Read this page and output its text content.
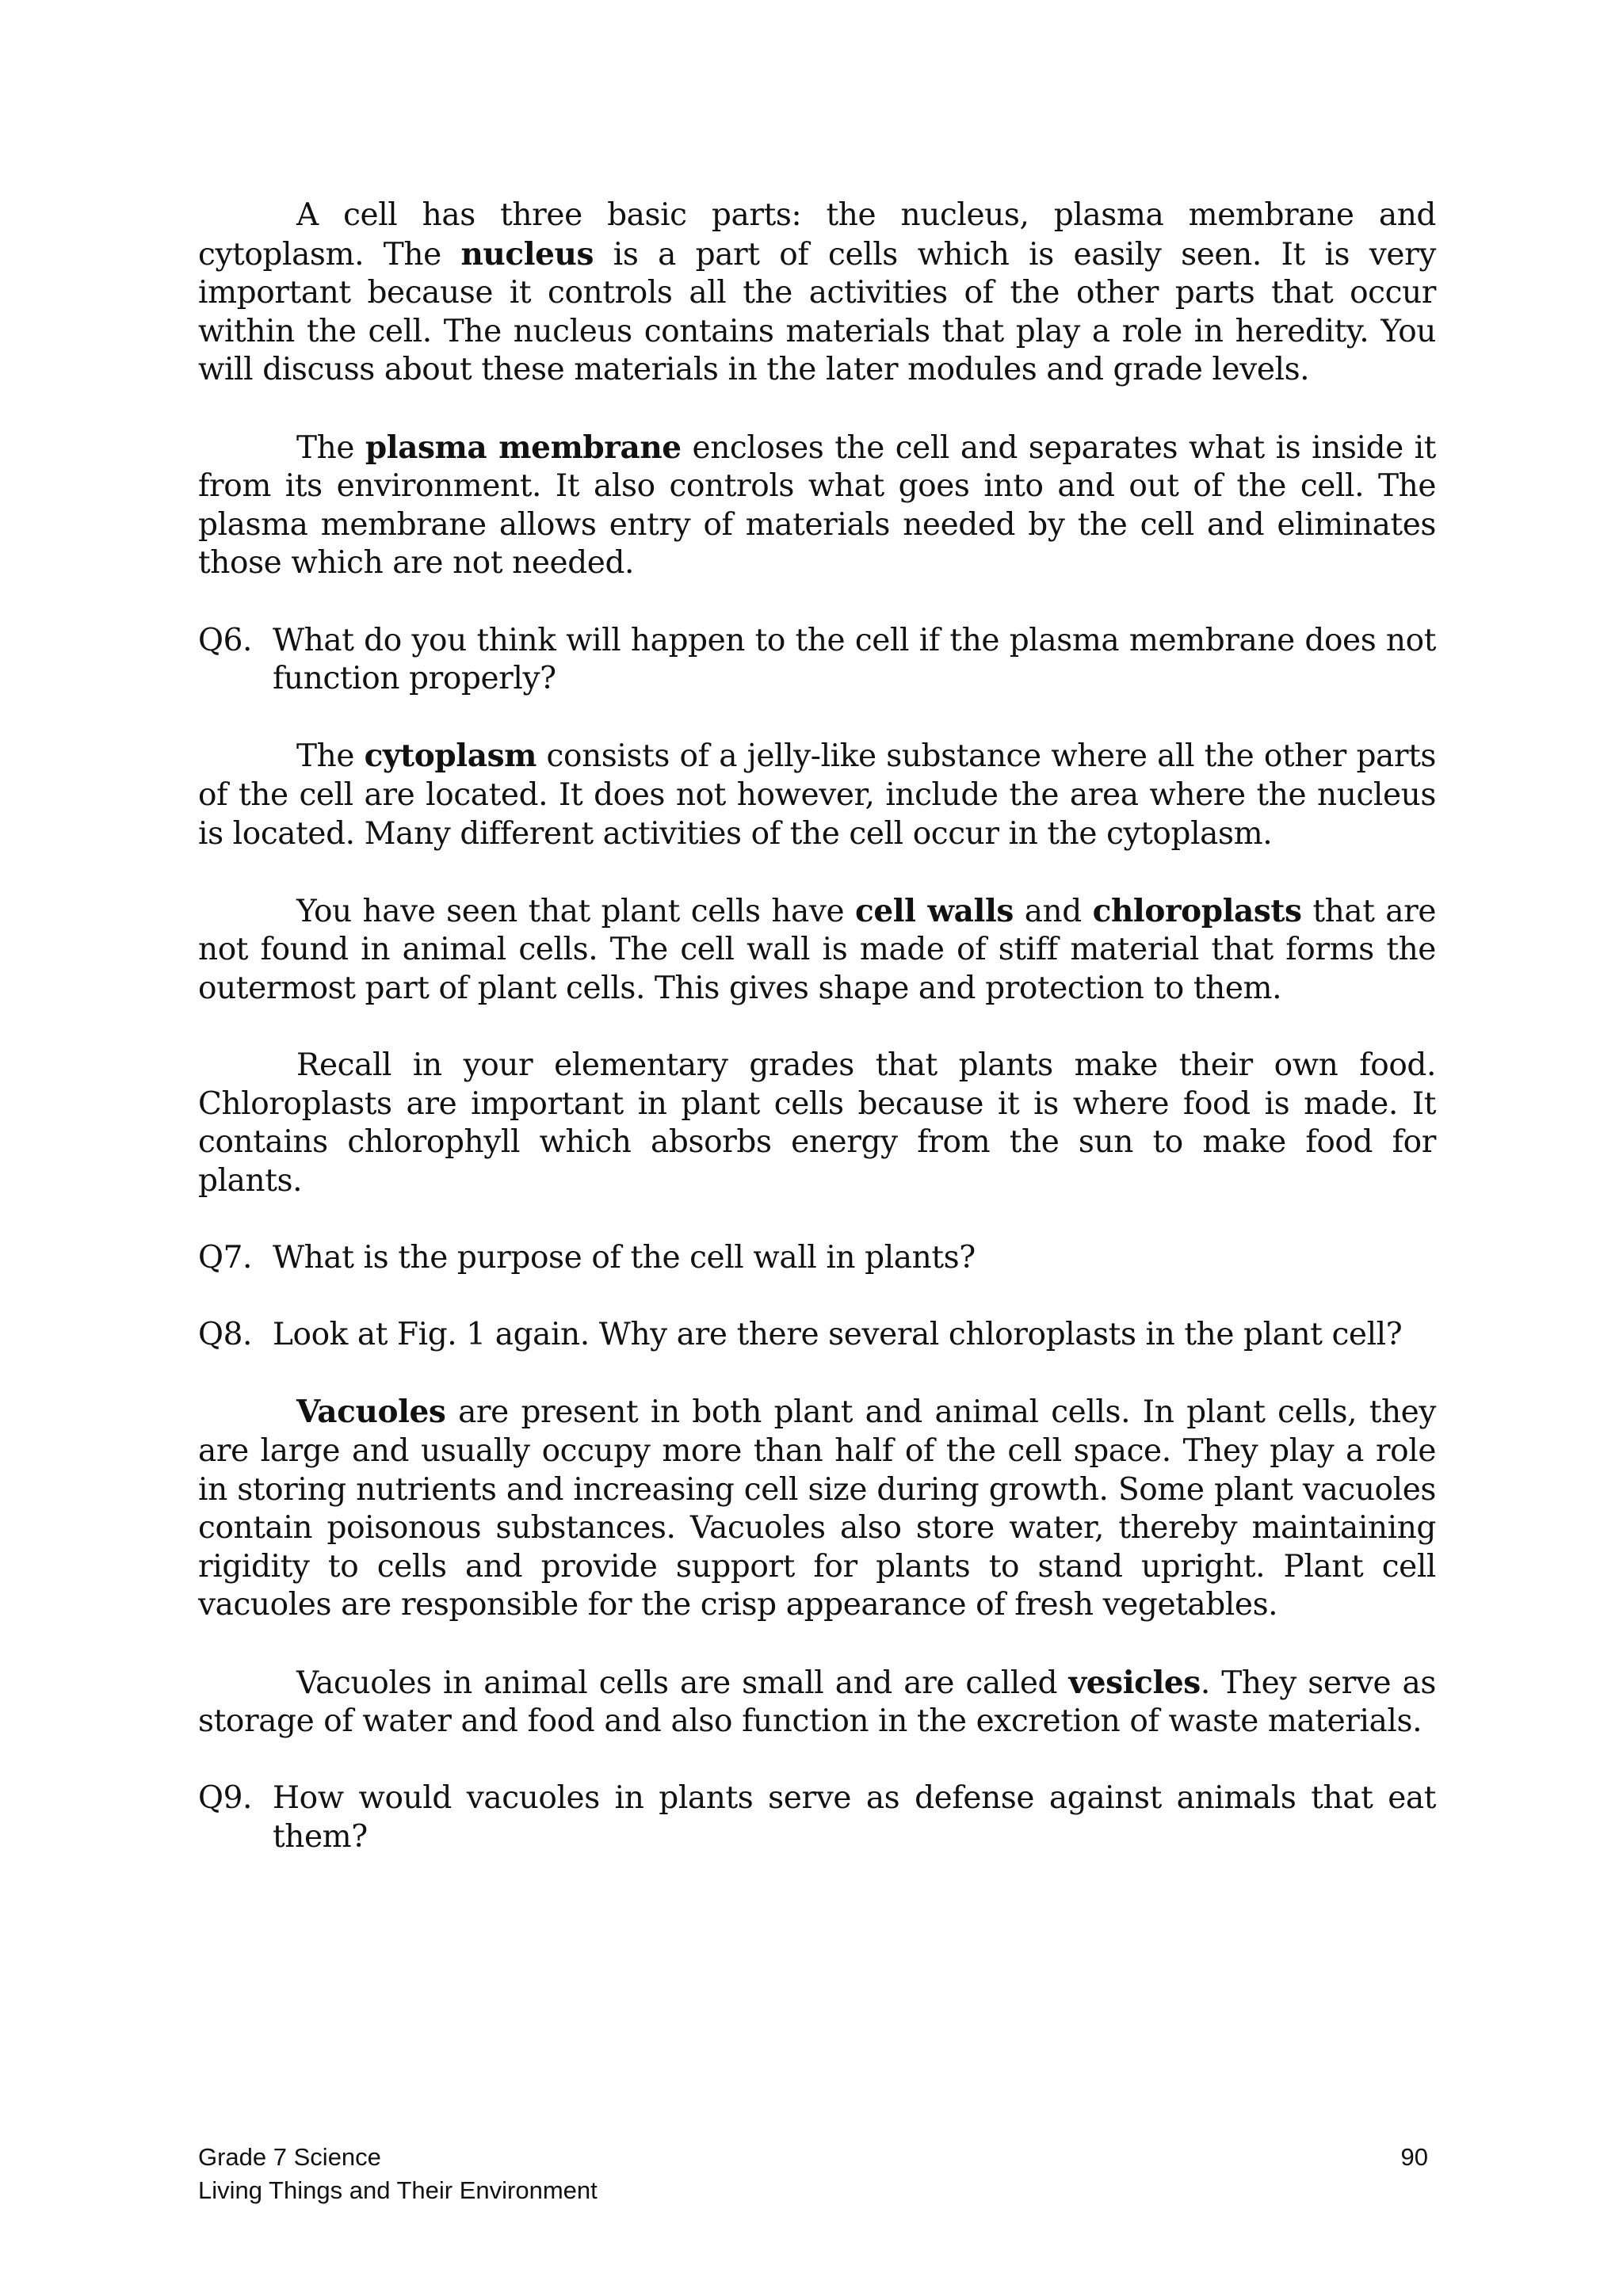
A cell has three basic parts: the nucleus, plasma membrane and cytoplasm. The nucleus is a part of cells which is easily seen. It is very important because it controls all the activities of the other parts that occur within the cell. The nucleus contains materials that play a role in heredity. You will discuss about these materials in the later modules and grade levels.

The plasma membrane encloses the cell and separates what is inside it from its environment. It also controls what goes into and out of the cell. The plasma membrane allows entry of materials needed by the cell and eliminates those which are not needed.

Q6. What do you think will happen to the cell if the plasma membrane does not function properly?

The cytoplasm consists of a jelly-like substance where all the other parts of the cell are located. It does not however, include the area where the nucleus is located. Many different activities of the cell occur in the cytoplasm.

You have seen that plant cells have cell walls and chloroplasts that are not found in animal cells. The cell wall is made of stiff material that forms the outermost part of plant cells. This gives shape and protection to them.

Recall in your elementary grades that plants make their own food. Chloroplasts are important in plant cells because it is where food is made. It contains chlorophyll which absorbs energy from the sun to make food for plants.

Q7. What is the purpose of the cell wall in plants?
Q8. Look at Fig. 1 again. Why are there several chloroplasts in the plant cell?

Vacuoles are present in both plant and animal cells. In plant cells, they are large and usually occupy more than half of the cell space. They play a role in storing nutrients and increasing cell size during growth. Some plant vacuoles contain poisonous substances. Vacuoles also store water, thereby maintaining rigidity to cells and provide support for plants to stand upright. Plant cell vacuoles are responsible for the crisp appearance of fresh vegetables.

Vacuoles in animal cells are small and are called vesicles. They serve as storage of water and food and also function in the excretion of waste materials.

Q9. How would vacuoles in plants serve as defense against animals that eat them?
Grade 7 Science
Living Things and Their Environment
90
